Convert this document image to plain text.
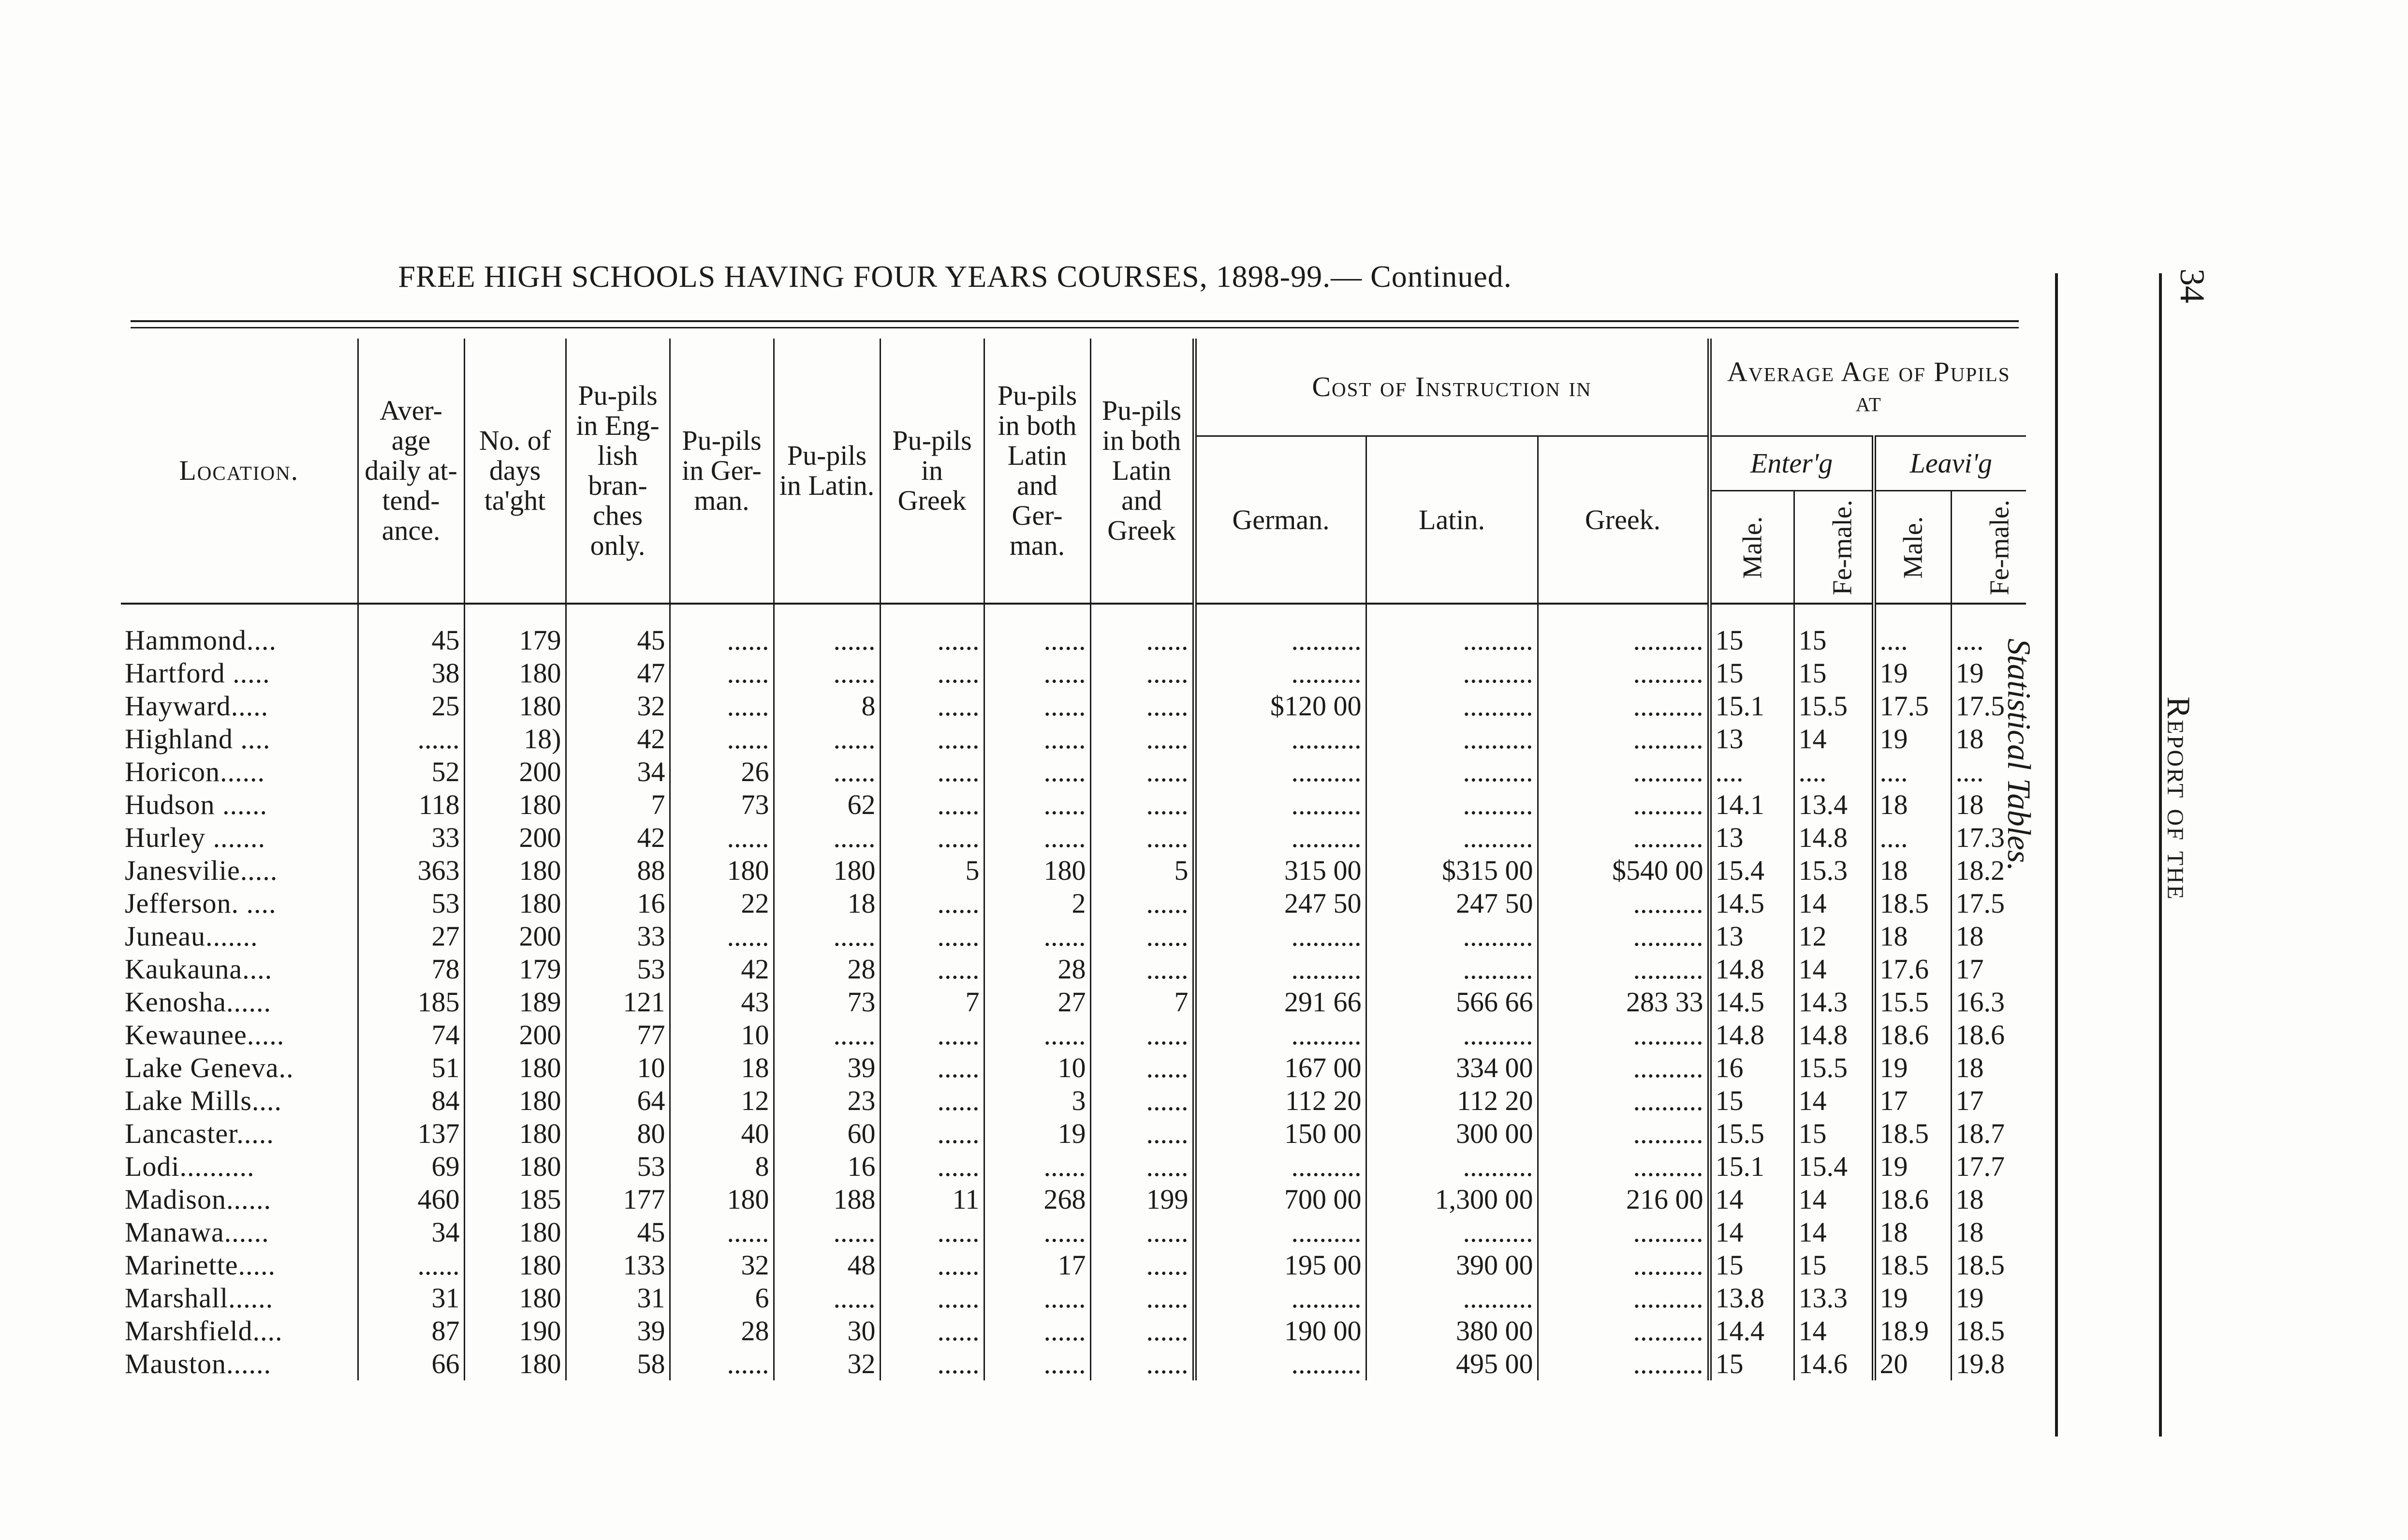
FREE HIGH SCHOOLS HAVING FOUR YEARS COURSES, 1898-99.— Continued.
Location.	Aver-age daily at-tend-ance.	No. of days ta'ght	Pu-pils in Eng-lish bran-ches only.	Pu-pils in Ger-man.	Pu-pils in Latin.	Pu-pils in Greek	Pu-pils in both Latin and Ger-man.	Pu-pils in both Latin and Greek	Cost of Instruction in			Average Age of Pupils at			
									German.	Latin.	Greek.	Enter'g		Leavi'g	
												Male.	Fe-male.	Male.	Fe-male.
Hammond....	45	179	45	......	......	......	......	......	..........	..........	..........	15	15	....	....
Hartford .....	38	180	47	......	......	......	......	......	..........	..........	..........	15	15	19	19
Hayward.....	25	180	32	......	8	......	......	......	$120 00	..........	..........	15.1	15.5	17.5	17.5
Highland ....	......	18)	42	......	......	......	......	......	..........	..........	..........	13	14	19	18
Horicon......	52	200	34	26	......	......	......	......	..........	..........	..........	....	....	....	....
Hudson ......	118	180	7	73	62	......	......	......	..........	..........	..........	14.1	13.4	18	18
Hurley .......	33	200	42	......	......	......	......	......	..........	..........	..........	13	14.8	....	17.3
Janesvilie.....	363	180	88	180	180	5	180	5	315 00	$315 00	$540 00	15.4	15.3	18	18.2
Jefferson. ....	53	180	16	22	18	......	2	......	247 50	247 50	..........	14.5	14	18.5	17.5
Juneau.......	27	200	33	......	......	......	......	......	..........	..........	..........	13	12	18	18
Kaukauna....	78	179	53	42	28	......	28	......	..........	..........	..........	14.8	14	17.6	17
Kenosha......	185	189	121	43	73	7	27	7	291 66	566 66	283 33	14.5	14.3	15.5	16.3
Kewaunee.....	74	200	77	10	......	......	......	......	..........	..........	..........	14.8	14.8	18.6	18.6
Lake Geneva..	51	180	10	18	39	......	10	......	167 00	334 00	..........	16	15.5	19	18
Lake Mills....	84	180	64	12	23	......	3	......	112 20	112 20	..........	15	14	17	17
Lancaster.....	137	180	80	40	60	......	19	......	150 00	300 00	..........	15.5	15	18.5	18.7
Lodi..........	69	180	53	8	16	......	......	......	..........	..........	..........	15.1	15.4	19	17.7
Madison......	460	185	177	180	188	11	268	199	700 00	1,300 00	216 00	14	14	18.6	18
Manawa......	34	180	45	......	......	......	......	......	..........	..........	..........	14	14	18	18
Marinette.....	......	180	133	32	48	......	17	......	195 00	390 00	..........	15	15	18.5	18.5
Marshall......	31	180	31	6	......	......	......	......	..........	..........	..........	13.8	13.3	19	19
Marshfield....	87	190	39	28	30	......	......	......	190 00	380 00	..........	14.4	14	18.9	18.5
Mauston......	66	180	58	......	32	......	......	......	..........	495 00	..........	15	14.6	20	19.8
Statistical Tables.	Report of the
34
